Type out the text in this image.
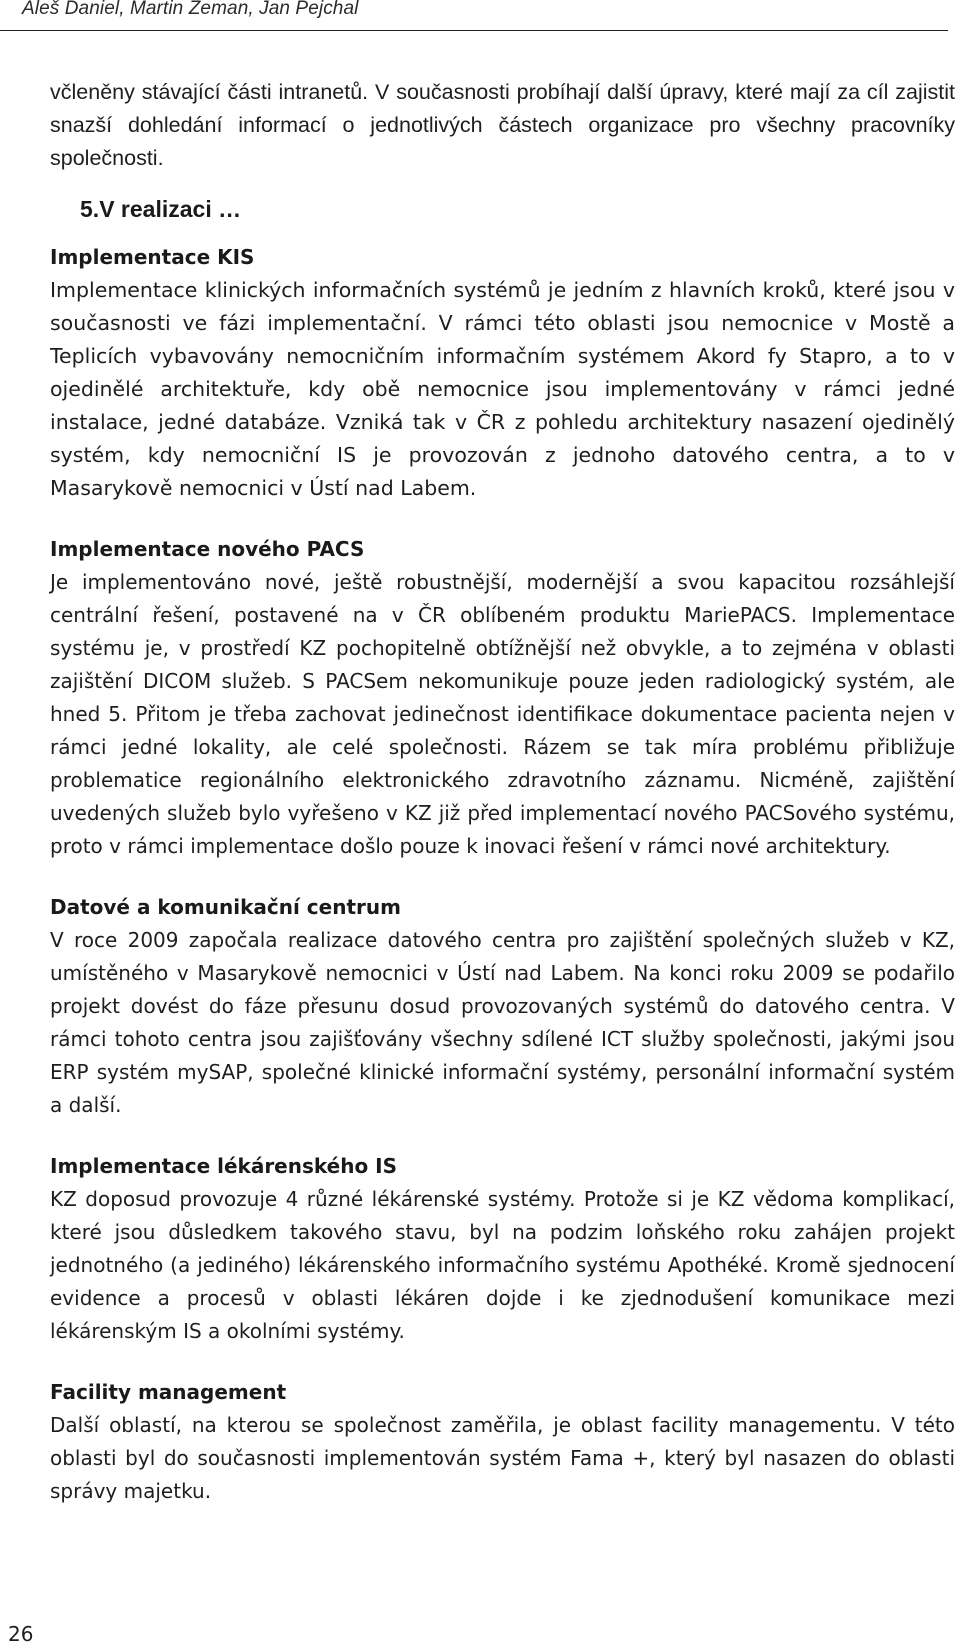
Aleš Daniel, Martin Zeman, Jan Pejchal

včleněny stávající části intranetů. V současnosti probíhají další úpravy, které mají za cíl zajistit snazší dohledání informací o jednotlivých částech organizace pro všechny pracovníky společnosti.

5.V realizaci …

Implementace KIS

Implementace klinických informačních systémů je jedním z hlavních kroků, které jsou v současnosti ve fázi implementační. V rámci této oblasti jsou nemocnice v Mostě a Teplicích vybavovány nemocničním informačním systémem Akord fy Stapro, a to v ojedinělé architektuře, kdy obě nemocnice jsou implementovány v rámci jedné instalace, jedné databáze. Vzniká tak v ČR z pohledu architektury nasazení ojedinělý systém, kdy nemocniční IS je provozován z jednoho datového centra, a to v Masarykově nemocnici v Ústí nad Labem.

Implementace nového PACS

Je implementováno nové, ještě robustnější, modernější a svou kapacitou rozsáhlejší centrální řešení, postavené na v ČR oblíbeném produktu MariePACS. Implementace systému je, v prostředí KZ pochopitelně obtížnější než obvykle, a to zejména v oblasti zajištění DICOM služeb. S PACSem nekomunikuje pouze jeden radiologický systém, ale hned 5. Přitom je třeba zachovat jedinečnost identifikace dokumentace pacienta nejen v rámci jedné lokality, ale celé společnosti. Rázem se tak míra problému přibližuje problematice regionálního elektronického zdravotního záznamu. Nicméně, zajištění uvedených služeb bylo vyřešeno v KZ již před implementací nového PACSového systému, proto v rámci implementace došlo pouze k inovaci řešení v rámci nové architektury.

Datové a komunikační centrum

V roce 2009 započala realizace datového centra pro zajištění společných služeb v KZ, umístěného v Masarykově nemocnici v Ústí nad Labem. Na konci roku 2009 se podařilo projekt dovést do fáze přesunu dosud provozovaných systémů do datového centra. V rámci tohoto centra jsou zajišťovány všechny sdílené ICT služby společnosti, jakými jsou ERP systém mySAP, společné klinické informační systémy, personální informační systém a další.

Implementace lékárenského IS

KZ doposud provozuje 4 různé lékárenské systémy. Protože si je KZ vědoma komplikací, které jsou důsledkem takového stavu, byl na podzim loňského roku zahájen projekt jednotného (a jediného) lékárenského informačního systému Apothéké. Kromě sjednocení evidence a procesů v oblasti lékáren dojde i ke zjednodušení komunikace mezi lékárenským IS a okolními systémy.

Facility management

Další oblastí, na kterou se společnost zaměřila, je oblast facility managementu. V této oblasti byl do současnosti implementován systém Fama +, který byl nasazen do oblasti správy majetku.

26
